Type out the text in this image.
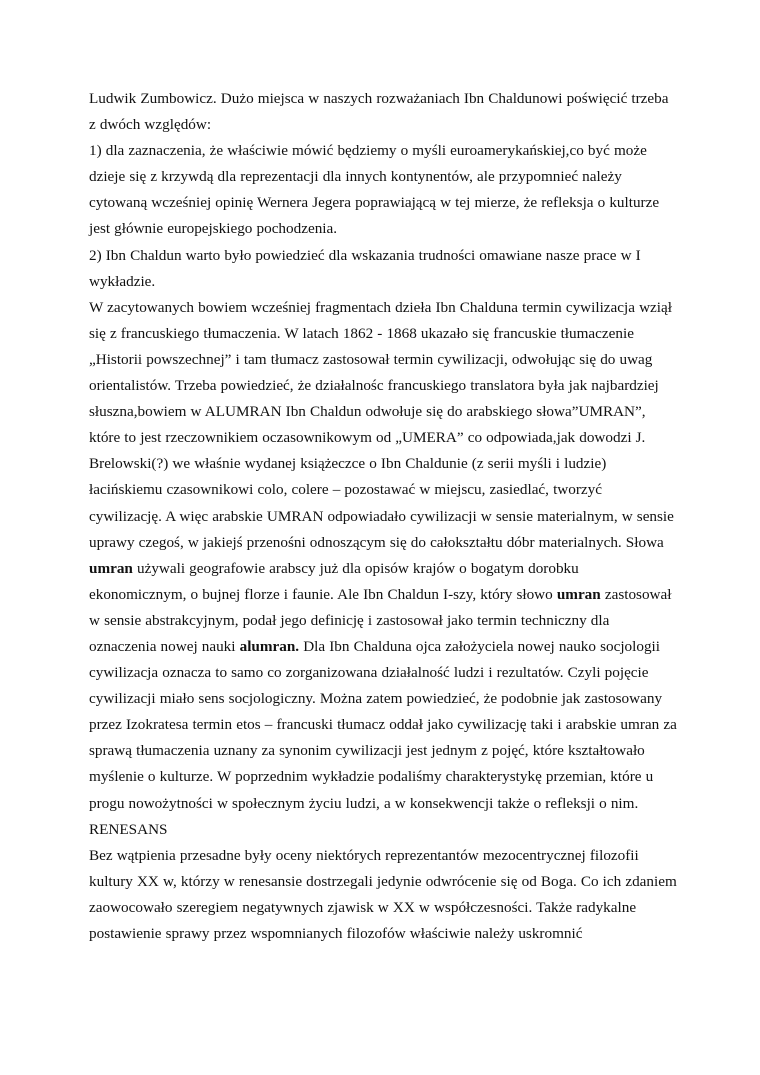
Ludwik Zumbowicz. Dużo miejsca w naszych rozważaniach Ibn Chaldunowi poświęcić trzeba z dwóch względów:

1) dla zaznaczenia, że właściwie mówić będziemy o myśli euroamerykańskiej,co być może dzieje się z krzywdą dla reprezentacji dla innych kontynentów, ale przypomnieć należy cytowaną wcześniej opinię Wernera Jegera poprawiającą w tej mierze, że refleksja o kulturze jest głównie europejskiego pochodzenia.

2) Ibn Chaldun warto było powiedzieć dla wskazania trudności omawiane nasze prace w I wykładzie.

W zacytowanych bowiem wcześniej fragmentach dzieła Ibn Chalduna termin cywilizacja wziął się z francuskiego tłumaczenia. W latach 1862 - 1868 ukazało się francuskie tłumaczenie „Historii powszechnej” i tam tłumacz zastosował termin cywilizacji, odwołując się do uwag orientalistów. Trzeba powiedzieć, że działalnośc francuskiego translatora była jak najbardziej słuszna,bowiem w ALUMRAN Ibn Chaldun odwołuje się do arabskiego słowa”UMRAN”, które to jest rzeczownikiem oczasownikowym od „UMERA” co odpowiada,jak dowodzi J. Brelowski(?) we właśnie wydanej książeczce o Ibn Chaldunie (z serii myśli i ludzie) łacińskiemu czasownikowi colo, colere – pozostawać w miejscu, zasiedlać, tworzyć cywilizację. A więc arabskie UMRAN odpowiadało cywilizacji w sensie materialnym, w sensie uprawy czegoś, w jakiejś przenośni odnoszącym się do całokształtu dóbr materialnych. Słowa umran używali geografowie arabscy już dla opisów krajów o bogatym dorobku ekonomicznym, o bujnej florze i faunie. Ale Ibn Chaldun I-szy, który słowo umran zastosował w sensie abstrakcyjnym, podał jego definicję i zastosował jako termin techniczny dla oznaczenia nowej nauki alumran. Dla Ibn Chalduna ojca założyciela nowej nauko socjologii cywilizacja oznacza to samo co zorganizowana działalność ludzi i rezultatów. Czyli pojęcie cywilizacji miało sens socjologiczny. Można zatem powiedzieć, że podobnie jak zastosowany przez Izokratesa termin etos – francuski tłumacz oddał jako cywilizację taki i arabskie umran za sprawą tłumaczenia uznany za synonim cywilizacji jest jednym z pojęć, które kształtowało myślenie o kulturze. W poprzednim wykładzie podaliśmy charakterystykę przemian, które u progu nowożytności w społecznym życiu ludzi, a w konsekwencji także o refleksji o nim.

RENESANS

Bez wątpienia przesadne były oceny niektórych reprezentantów mezocentrycznej filozofii kultury XX w, którzy w renesansie dostrzegali jedynie odwrócenie się od Boga. Co ich zdaniem zaowocowało szeregiem negatywnych zjawisk w XX w współczesności. Także radykalne postawienie sprawy przez wspomnianych filozofów właściwie należy uskromnić
